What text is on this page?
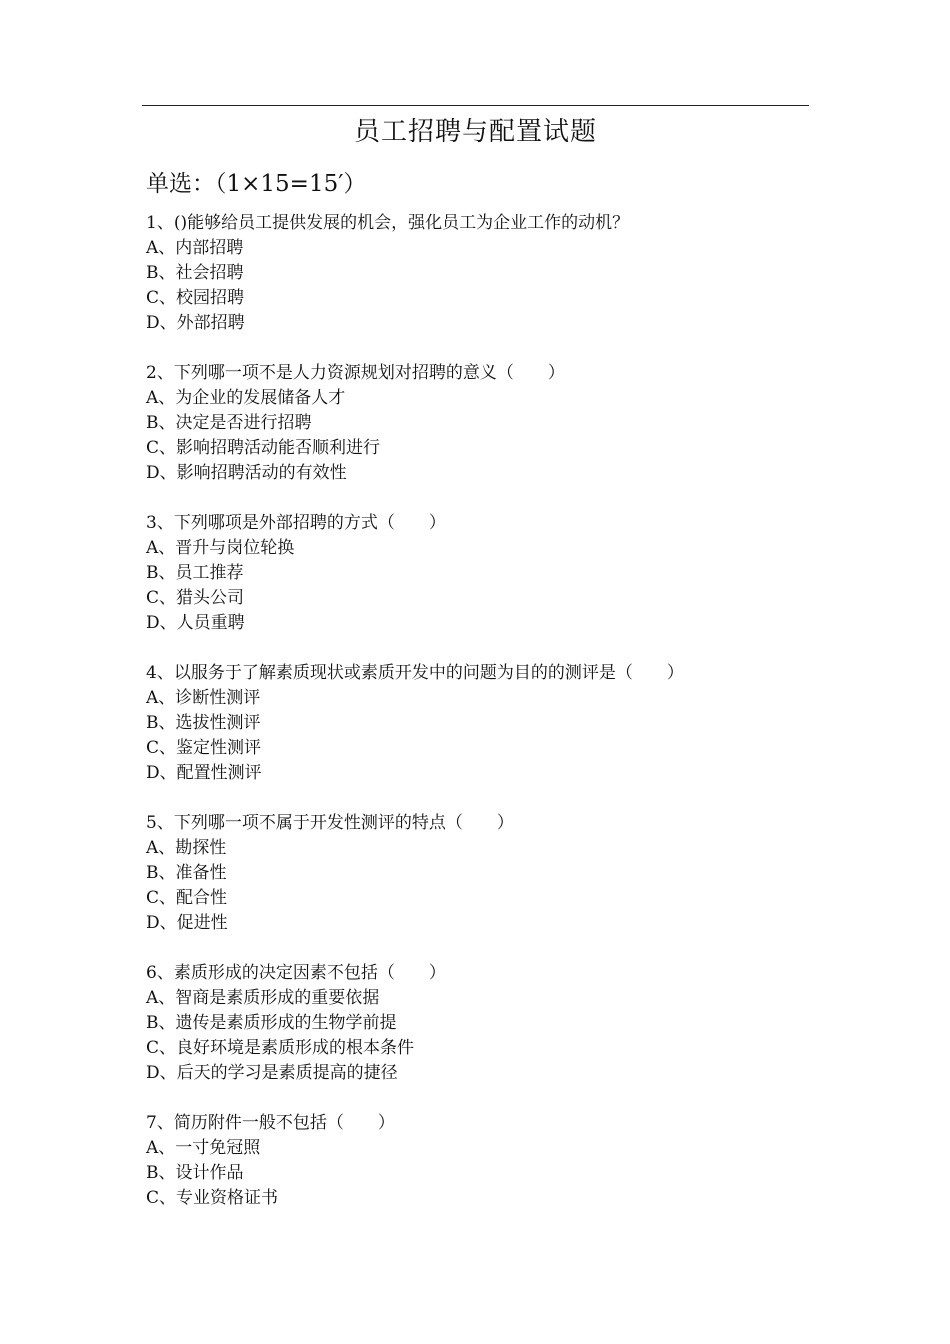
员工招聘与配置试题
单选：（1×15=15′）
1、()能够给员工提供发展的机会，强化员工为企业工作的动机？
A、内部招聘
B、社会招聘
C、校园招聘
D、外部招聘
2、下列哪一项不是人力资源规划对招聘的意义（　　）
A、为企业的发展储备人才
B、决定是否进行招聘
C、影响招聘活动能否顺利进行
D、影响招聘活动的有效性
3、下列哪项是外部招聘的方式（　　）
A、晋升与岗位轮换
B、员工推荐
C、猎头公司
D、人员重聘
4、以服务于了解素质现状或素质开发中的问题为目的的测评是（　　）
A、诊断性测评
B、选拔性测评
C、鉴定性测评
D、配置性测评
5、下列哪一项不属于开发性测评的特点（　　）
A、勘探性
B、准备性
C、配合性
D、促进性
6、素质形成的决定因素不包括（　　）
A、智商是素质形成的重要依据
B、遗传是素质形成的生物学前提
C、良好环境是素质形成的根本条件
D、后天的学习是素质提高的捷径
7、简历附件一般不包括（　　）
A、一寸免冠照
B、设计作品
C、专业资格证书
